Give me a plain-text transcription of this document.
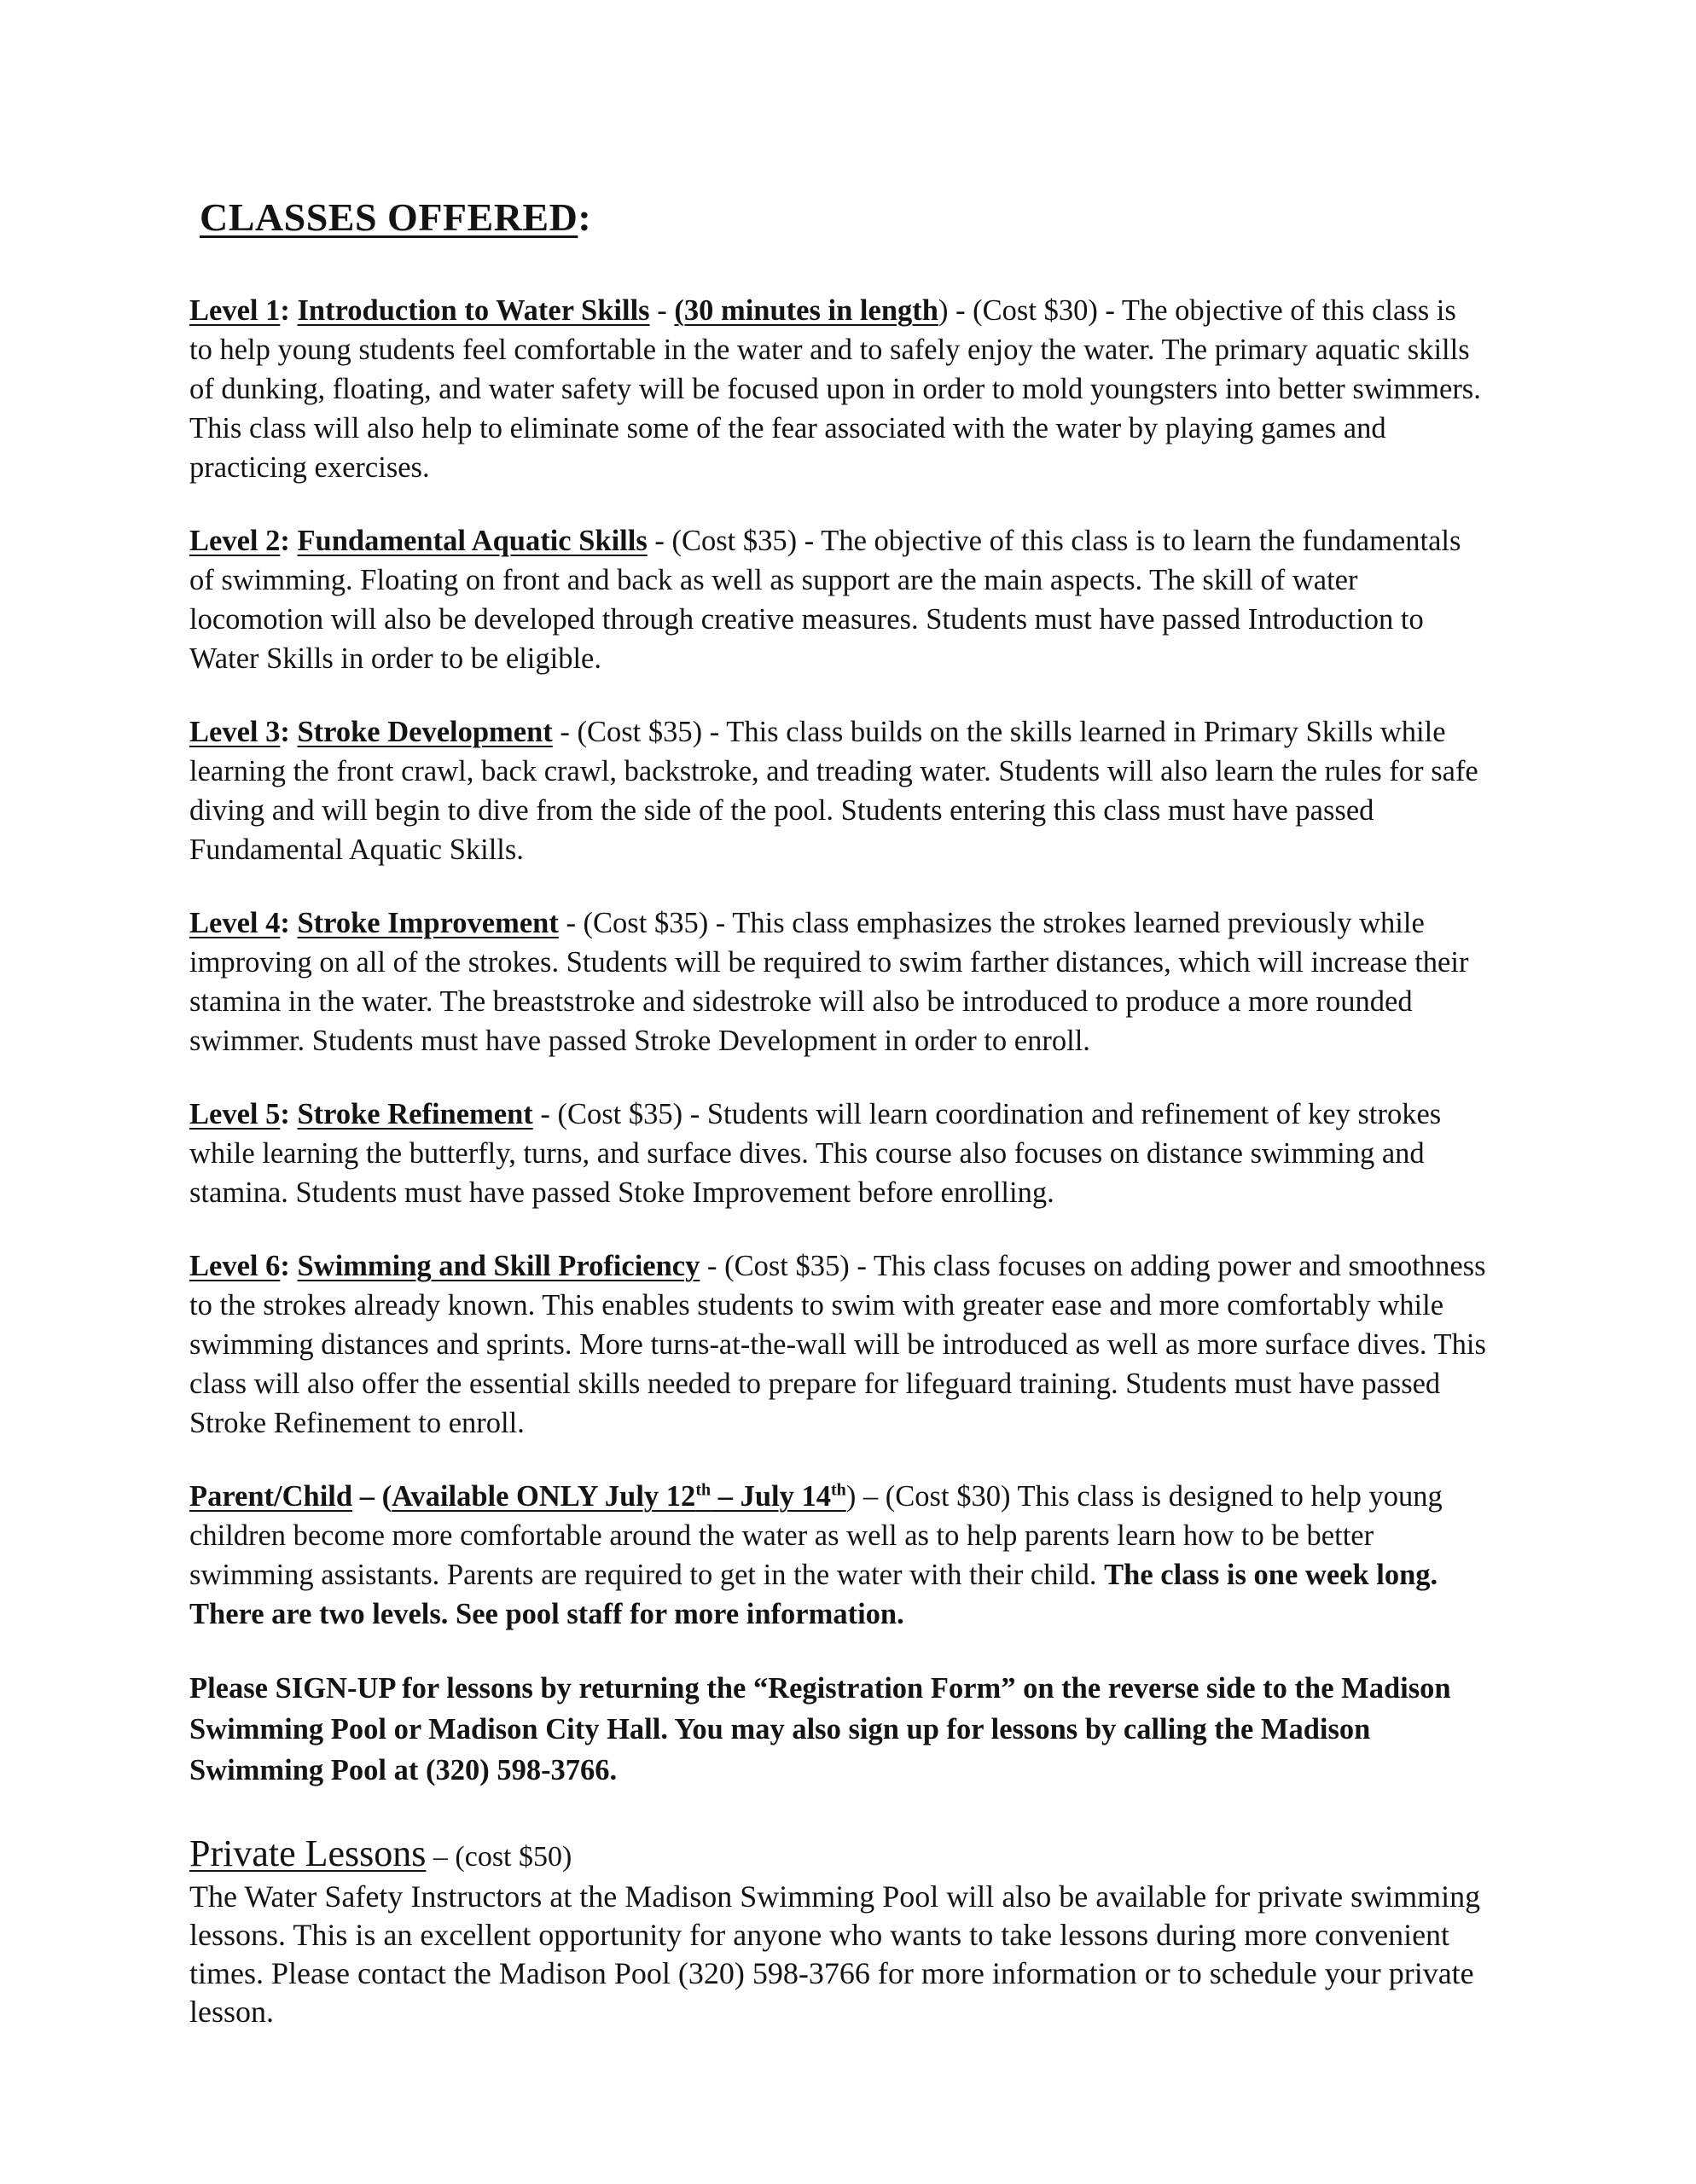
CLASSES OFFERED:

Level 1: Introduction to Water Skills - (30 minutes in length) - (Cost $30) - The objective of this class is to help young students feel comfortable in the water and to safely enjoy the water. The primary aquatic skills of dunking, floating, and water safety will be focused upon in order to mold youngsters into better swimmers. This class will also help to eliminate some of the fear associated with the water by playing games and practicing exercises.

Level 2: Fundamental Aquatic Skills - (Cost $35) - The objective of this class is to learn the fundamentals of swimming. Floating on front and back as well as support are the main aspects. The skill of water locomotion will also be developed through creative measures. Students must have passed Introduction to Water Skills in order to be eligible.

Level 3: Stroke Development - (Cost $35) - This class builds on the skills learned in Primary Skills while learning the front crawl, back crawl, backstroke, and treading water. Students will also learn the rules for safe diving and will begin to dive from the side of the pool. Students entering this class must have passed Fundamental Aquatic Skills.

Level 4: Stroke Improvement - (Cost $35) - This class emphasizes the strokes learned previously while improving on all of the strokes. Students will be required to swim farther distances, which will increase their stamina in the water. The breaststroke and sidestroke will also be introduced to produce a more rounded swimmer. Students must have passed Stroke Development in order to enroll.

Level 5: Stroke Refinement - (Cost $35) - Students will learn coordination and refinement of key strokes while learning the butterfly, turns, and surface dives. This course also focuses on distance swimming and stamina. Students must have passed Stoke Improvement before enrolling.

Level 6: Swimming and Skill Proficiency - (Cost $35) - This class focuses on adding power and smoothness to the strokes already known. This enables students to swim with greater ease and more comfortably while swimming distances and sprints. More turns-at-the-wall will be introduced as well as more surface dives. This class will also offer the essential skills needed to prepare for lifeguard training. Students must have passed Stroke Refinement to enroll.

Parent/Child – (Available ONLY July 12th – July 14th) – (Cost $30) This class is designed to help young children become more comfortable around the water as well as to help parents learn how to be better swimming assistants. Parents are required to get in the water with their child. The class is one week long. There are two levels. See pool staff for more information.

Please SIGN-UP for lessons by returning the “Registration Form” on the reverse side to the Madison Swimming Pool or Madison City Hall. You may also sign up for lessons by calling the Madison Swimming Pool at (320) 598-3766.

Private Lessons – (cost $50)

The Water Safety Instructors at the Madison Swimming Pool will also be available for private swimming lessons. This is an excellent opportunity for anyone who wants to take lessons during more convenient times. Please contact the Madison Pool (320) 598-3766 for more information or to schedule your private lesson.
